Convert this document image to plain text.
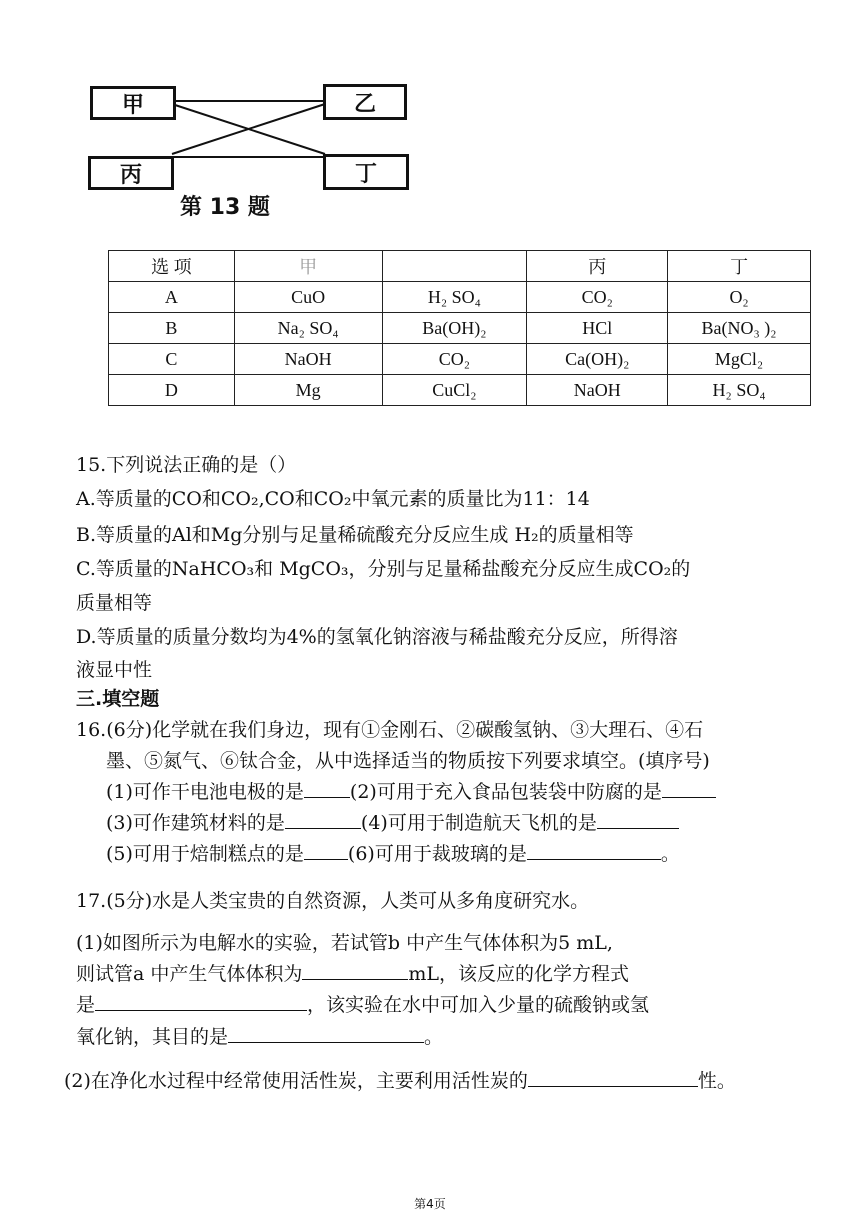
甲	乙
丙	丁
第 13 题
选 项	甲		丙	丁
A	CuO	H₂ SO₄	CO₂	O₂
B	Na₂ SO₄	Ba(OH)₂	HCl	Ba(NO₃ )₂
C	NaOH	CO₂	Ca(OH)₂	MgCl₂
D	Mg	CuCl₂	NaOH	H₂ SO₄
15.下列说法正确的是（）
A.等质量的CO和CO₂,CO和CO₂中氧元素的质量比为11：14
B.等质量的Al和Mg分别与足量稀硫酸充分反应生成 H₂的质量相等
C.等质量的NaHCO₃和 MgCO₃，分别与足量稀盐酸充分反应生成CO₂的
质量相等
D.等质量的质量分数均为4%的氢氧化钠溶液与稀盐酸充分反应，所得溶
液显中性
三.填空题
16.(6分)化学就在我们身边，现有①金刚石、②碳酸氢钠、③大理石、④石
墨、⑤氮气、⑥钛合金，从中选择适当的物质按下列要求填空。(填序号)
(1)可作干电池电极的是 (2)可用于充入食品包装袋中防腐的是
(3)可作建筑材料的是	(4)可用于制造航天飞机的是
(5)可用于焙制糕点的是 (6)可用于裁玻璃的是	。
17.(5分)水是人类宝贵的自然资源，人类可从多角度研究水。
(1)如图所示为电解水的实验，若试管b 中产生气体体积为5 mL,
则试管a 中产生气体体积为	mL，该反应的化学方程式
是	，该实验在水中可加入少量的硫酸钠或氢
氧化钠，其目的是	。
(2)在净化水过程中经常使用活性炭，主要利用活性炭的	性。
第4页
